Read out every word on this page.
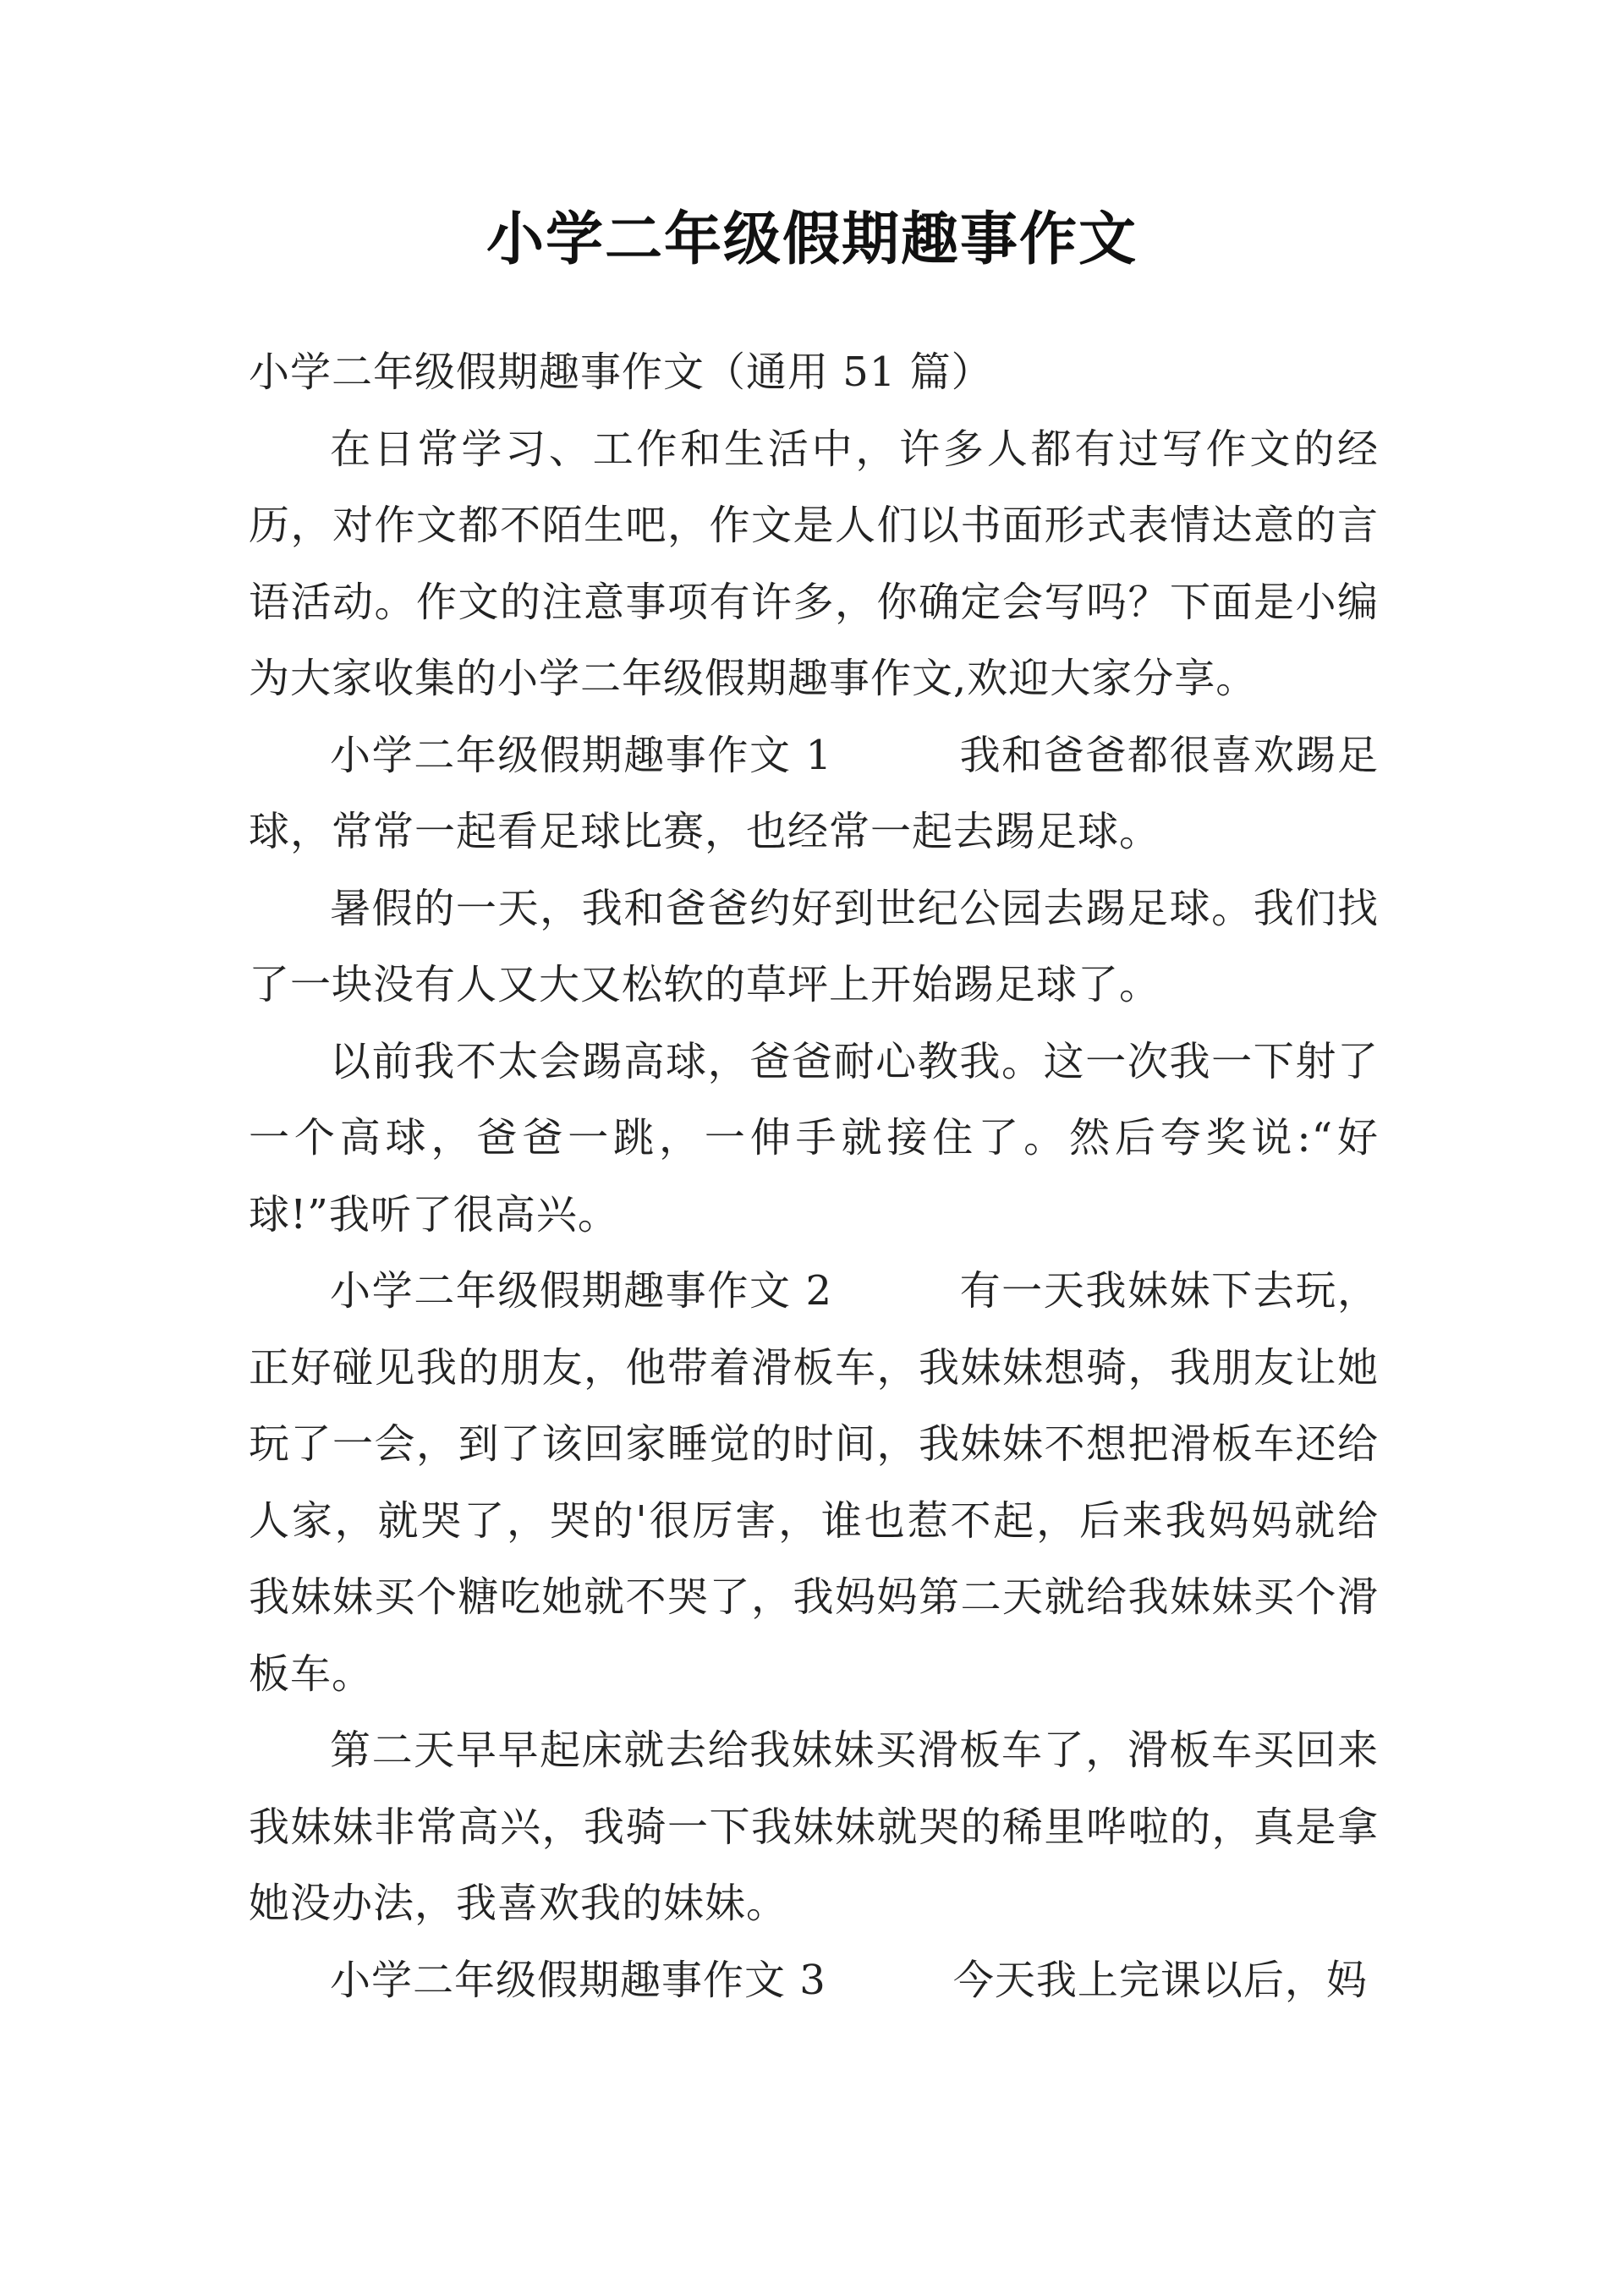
小学二年级假期趣事作文

小学二年级假期趣事作文（通用 51 篇）

在日常学习、工作和生活中，许多人都有过写作文的经历，对作文都不陌生吧，作文是人们以书面形式表情达意的言语活动。作文的注意事项有许多，你确定会写吗？下面是小编为大家收集的小学二年级假期趣事作文,欢迎大家分享。

小学二年级假期趣事作文 1	我和爸爸都很喜欢踢足球，常常一起看足球比赛，也经常一起去踢足球。

暑假的一天，我和爸爸约好到世纪公园去踢足球。我们找了一块没有人又大又松软的草坪上开始踢足球了。

以前我不太会踢高球，爸爸耐心教我。这一次我一下射了一个高球，爸爸一跳，一伸手就接住了。然后夸奖说:“好球!”我听了很高兴。

小学二年级假期趣事作文 2	有一天我妹妹下去玩，正好碰见我的朋友，他带着滑板车，我妹妹想骑，我朋友让她玩了一会，到了该回家睡觉的时间，我妹妹不想把滑板车还给人家，就哭了，哭的'很厉害，谁也惹不起，后来我妈妈就给我妹妹买个糖吃她就不哭了，我妈妈第二天就给我妹妹买个滑板车。

第二天早早起床就去给我妹妹买滑板车了，滑板车买回来我妹妹非常高兴，我骑一下我妹妹就哭的稀里哗啦的，真是拿她没办法，我喜欢我的妹妹。

小学二年级假期趣事作文 3	今天我上完课以后，妈
